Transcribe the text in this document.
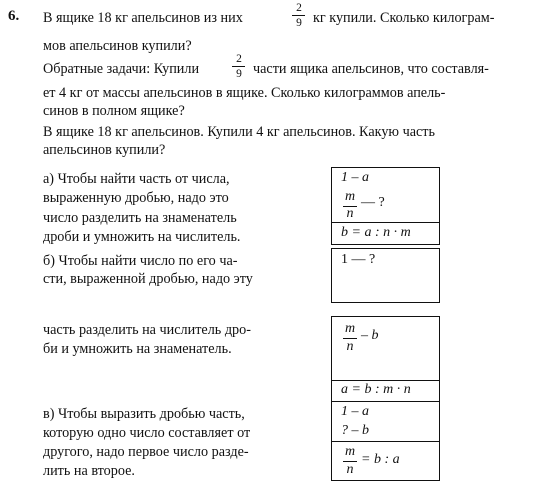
6. В ящике 18 кг апельсинов из них
2
9 кг купили. Сколько килограм-
мов апельсинов купили?
Обратные задачи: Купили
2
9 части ящика апельсинов, что составля-
ет 4 кг от массы апельсинов в ящике. Сколько килограммов апель-
синов в полном ящике?
В ящике 18 кг апельсинов. Купили 4 кг апельсинов. Какую часть
апельсинов купили?
а) Чтобы найти часть от числа,
выраженную дробью, надо это
число разделить на знаменатель
дроби и умножить на числитель.
б) Чтобы найти число по его ча-
сти, выраженной дробью, надо эту
часть разделить на числитель дро-
би и умножить на знаменатель.
в) Чтобы выразить дробью часть,
которую одно число составляет от
другого, надо первое число разде-
лить на второе.
1 – a
m
n
— ?
b = a : n · m
1 — ?
m
n
– b
a = b : m · n
1 – a
? – b
m
n
= b : a
